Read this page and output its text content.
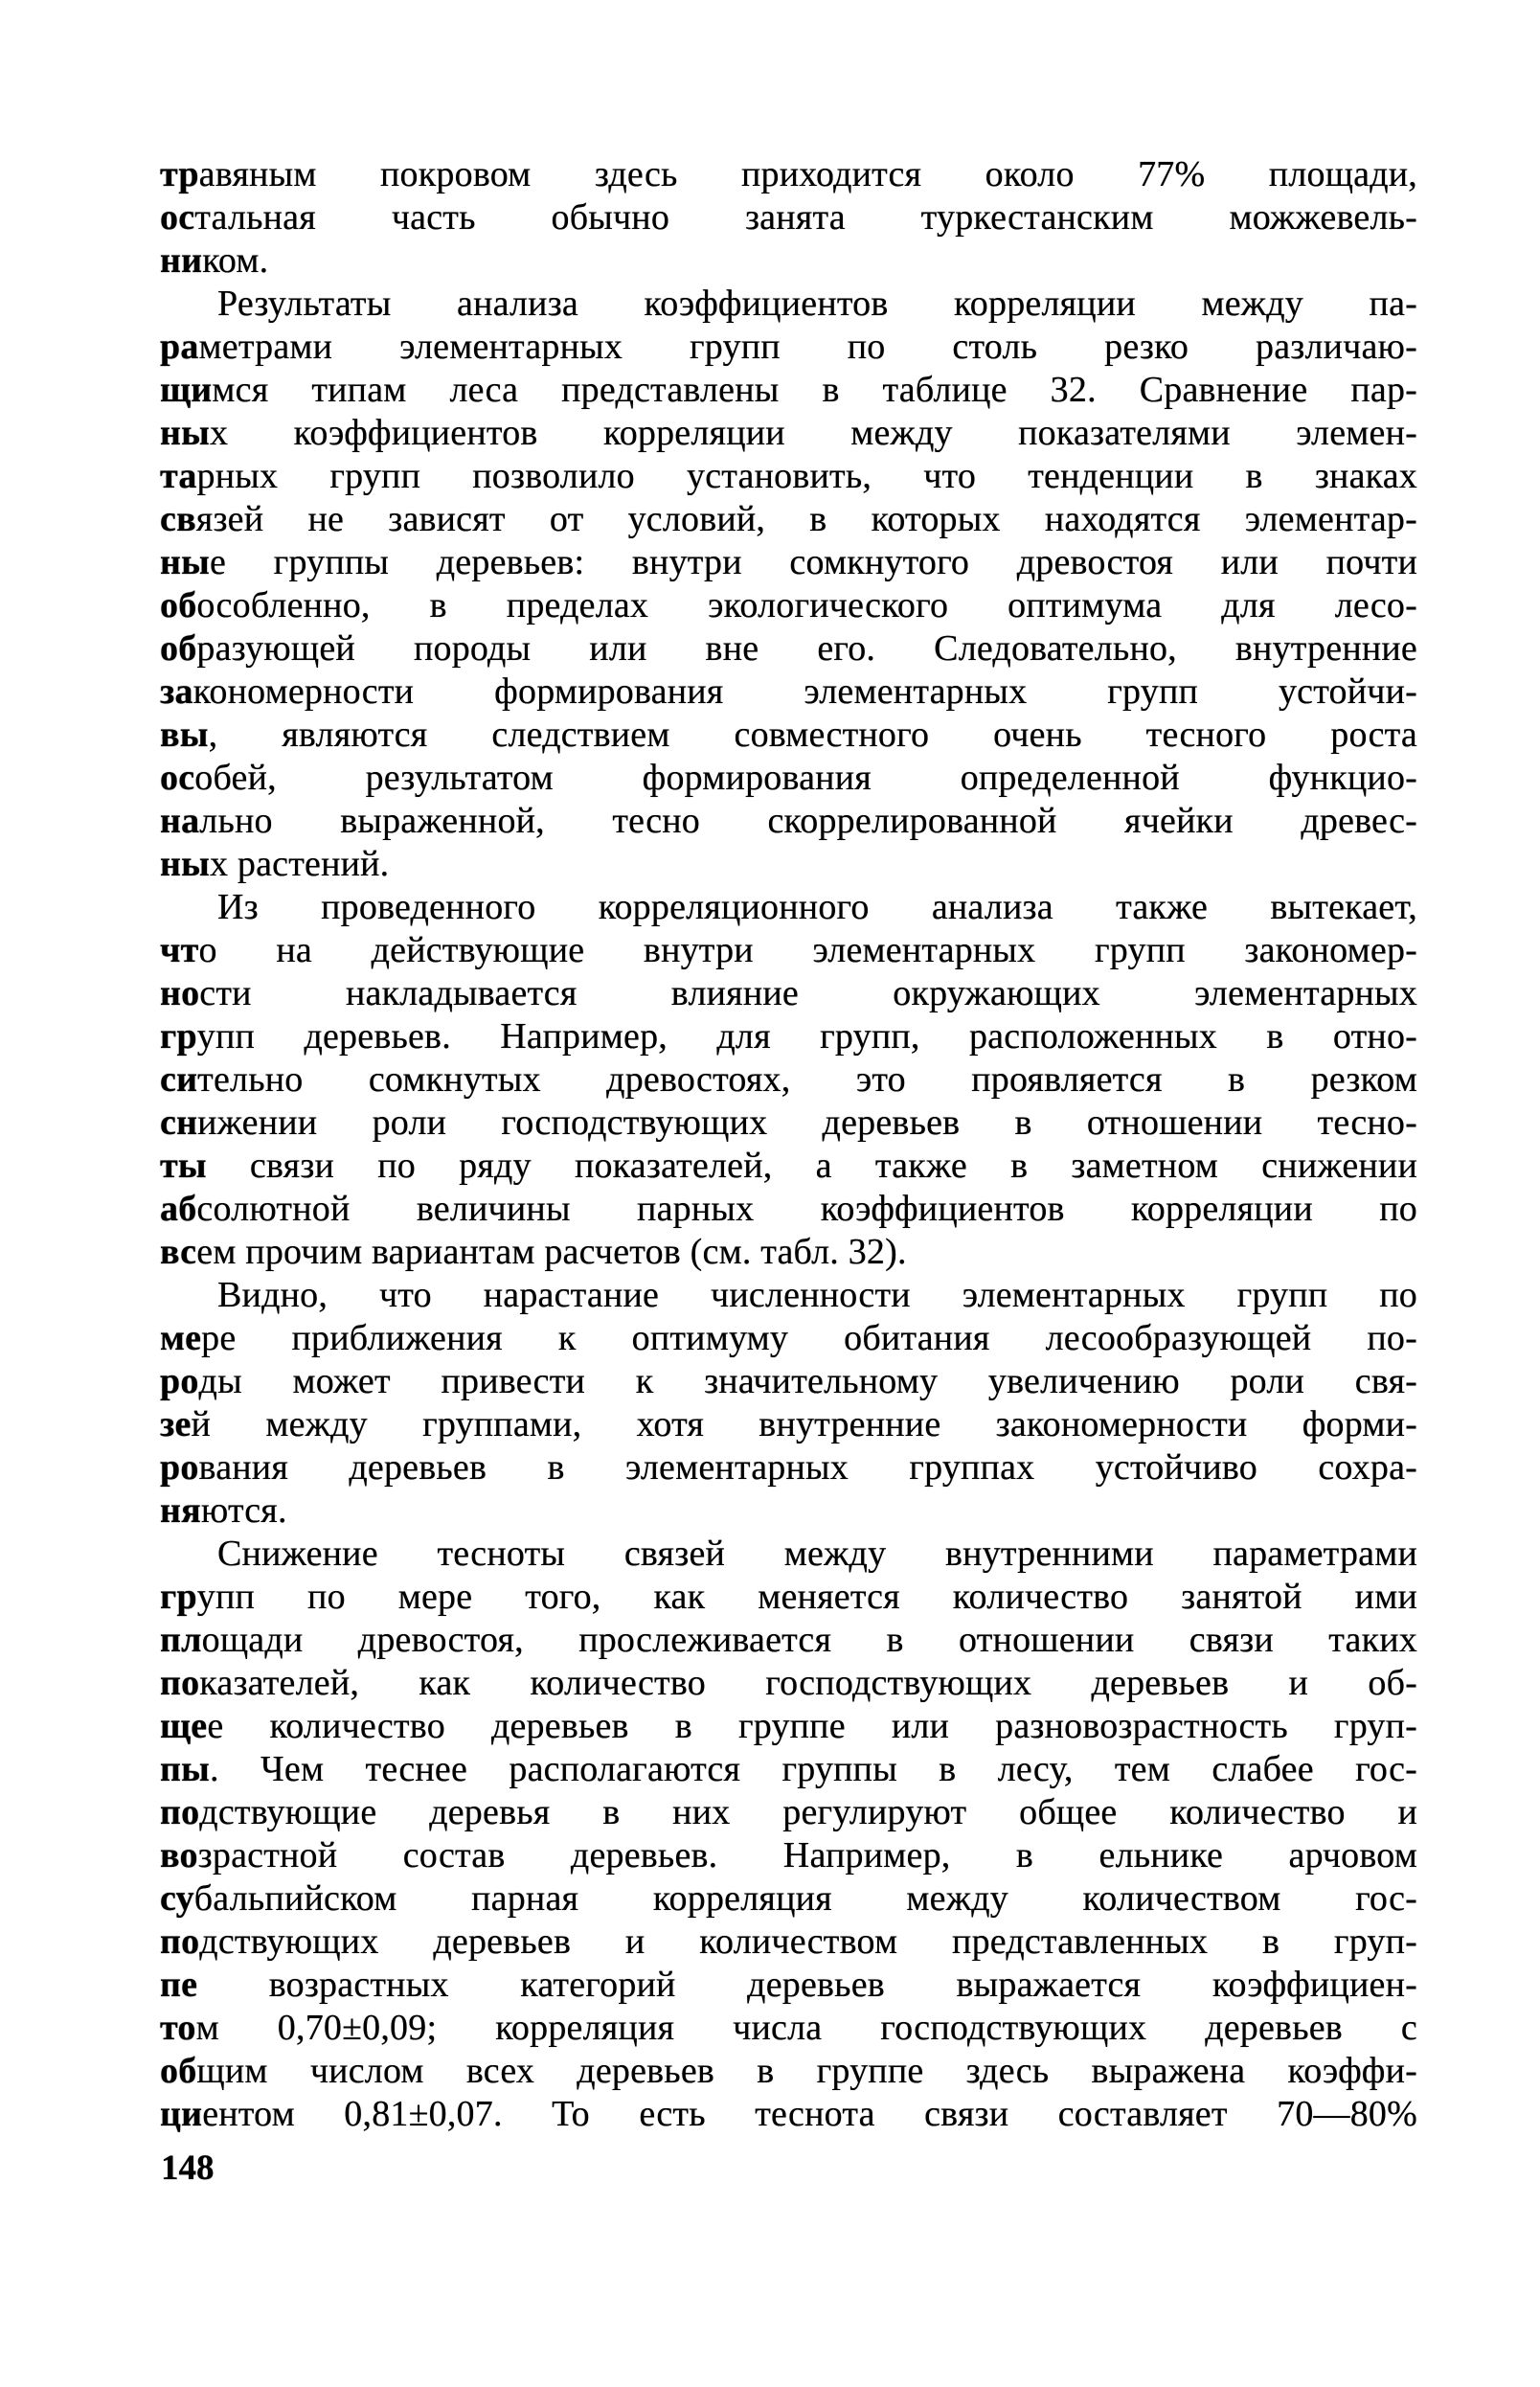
травяным покровом здесь приходится около 77% площади,
остальная часть обычно занята туркестанским можжевель-
ником.
Результаты анализа коэффициентов корреляции между па-
раметрами элементарных групп по столь резко различаю-
щимся типам леса представлены в таблице 32. Сравнение пар-
ных коэффициентов корреляции между показателями элемен-
тарных групп позволило установить, что тенденции в знаках
связей не зависят от условий, в которых находятся элементар-
ные группы деревьев: внутри сомкнутого древостоя или почти
обособленно, в пределах экологического оптимума для лесо-
образующей породы или вне его. Следовательно, внутренние
закономерности формирования элементарных групп устойчи-
вы, являются следствием совместного очень тесного роста
особей, результатом формирования определенной функцио-
нально выраженной, тесно скоррелированной ячейки древес-
ных растений.
Из проведенного корреляционного анализа также вытекает,
что на действующие внутри элементарных групп закономер-
ности накладывается влияние окружающих элементарных
групп деревьев. Например, для групп, расположенных в отно-
сительно сомкнутых древостоях, это проявляется в резком
снижении роли господствующих деревьев в отношении тесно-
ты связи по ряду показателей, а также в заметном снижении
абсолютной величины парных коэффициентов корреляции по
всем прочим вариантам расчетов (см. табл. 32).
Видно, что нарастание численности элементарных групп по
мере приближения к оптимуму обитания лесообразующей по-
роды может привести к значительному увеличению роли свя-
зей между группами, хотя внутренние закономерности форми-
рования деревьев в элементарных группах устойчиво сохра-
няются.
Снижение тесноты связей между внутренними параметрами
групп по мере того, как меняется количество занятой ими
площади древостоя, прослеживается в отношении связи таких
показателей, как количество господствующих деревьев и об-
щее количество деревьев в группе или разновозрастность груп-
пы. Чем теснее располагаются группы в лесу, тем слабее гос-
подствующие деревья в них регулируют общее количество и
возрастной состав деревьев. Например, в ельнике арчовом
субальпийском парная корреляция между количеством гос-
подствующих деревьев и количеством представленных в груп-
пе возрастных категорий деревьев выражается коэффициен-
том 0,70±0,09; корреляция числа господствующих деревьев с
общим числом всех деревьев в группе здесь выражена коэффи-
циентом 0,81±0,07. То есть теснота связи составляет 70—80%
148
